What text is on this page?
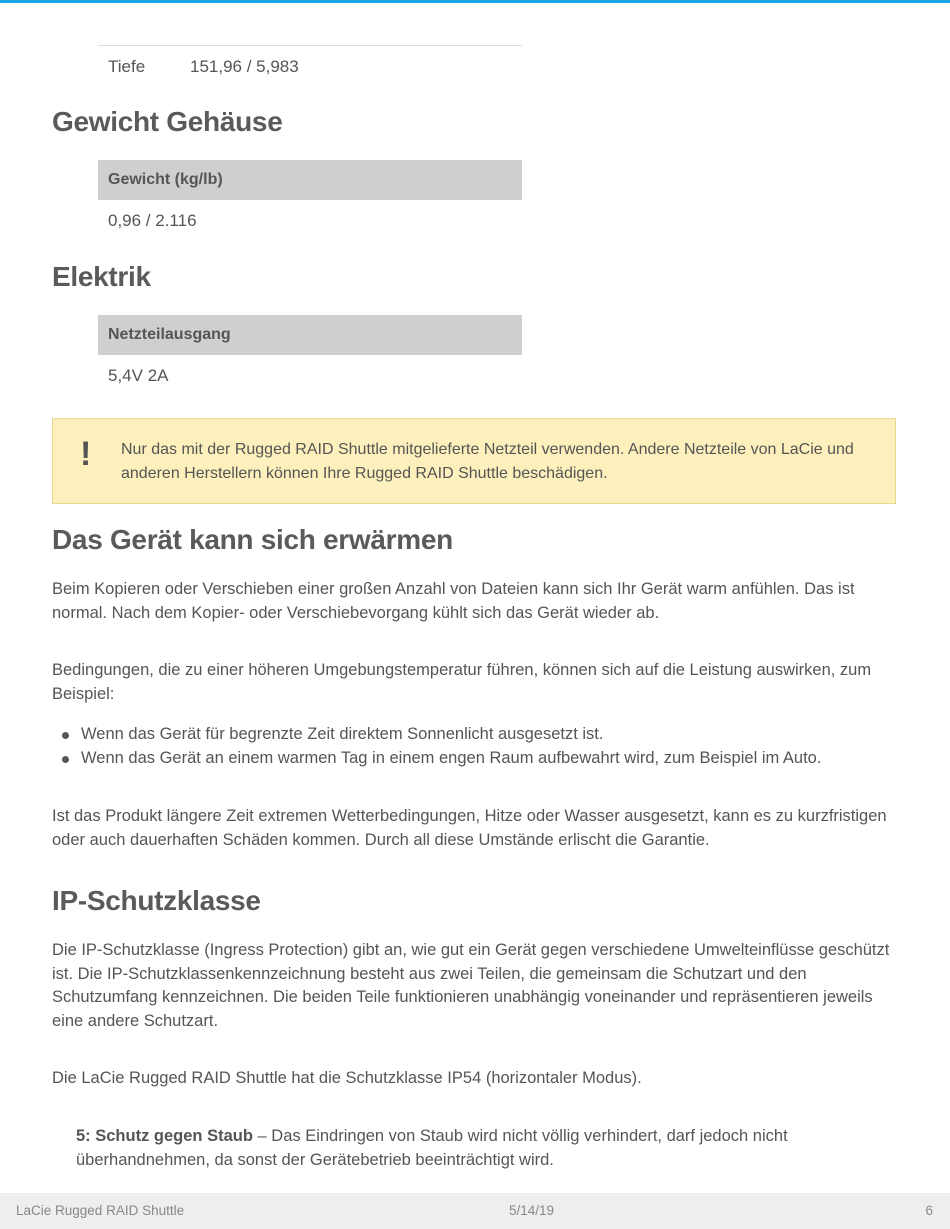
Tiefe	151,96 / 5,983
Gewicht Gehäuse
Gewicht (kg/lb)
0,96 / 2.116
Elektrik
Netzteilausgang
5,4V 2A
! Nur das mit der Rugged RAID Shuttle mitgelieferte Netzteil verwenden. Andere Netzteile von LaCie und anderen Herstellern können Ihre Rugged RAID Shuttle beschädigen.
Das Gerät kann sich erwärmen

Beim Kopieren oder Verschieben einer großen Anzahl von Dateien kann sich Ihr Gerät warm anfühlen. Das ist normal. Nach dem Kopier- oder Verschiebevorgang kühlt sich das Gerät wieder ab.

Bedingungen, die zu einer höheren Umgebungstemperatur führen, können sich auf die Leistung auswirken, zum Beispiel:

Wenn das Gerät für begrenzte Zeit direktem Sonnenlicht ausgesetzt ist.
Wenn das Gerät an einem warmen Tag in einem engen Raum aufbewahrt wird, zum Beispiel im Auto.

Ist das Produkt längere Zeit extremen Wetterbedingungen, Hitze oder Wasser ausgesetzt, kann es zu kurzfristigen oder auch dauerhaften Schäden kommen. Durch all diese Umstände erlischt die Garantie.

IP-Schutzklasse

Die IP-Schutzklasse (Ingress Protection) gibt an, wie gut ein Gerät gegen verschiedene Umwelteinflüsse geschützt ist. Die IP-Schutzklassenkennzeichnung besteht aus zwei Teilen, die gemeinsam die Schutzart und den Schutzumfang kennzeichnen. Die beiden Teile funktionieren unabhängig voneinander und repräsentieren jeweils eine andere Schutzart.

Die LaCie Rugged RAID Shuttle hat die Schutzklasse IP54 (horizontaler Modus).

5: Schutz gegen Staub – Das Eindringen von Staub wird nicht völlig verhindert, darf jedoch nicht überhandnehmen, da sonst der Gerätebetrieb beeinträchtigt wird.

LaCie Rugged RAID Shuttle	5/14/19	6
